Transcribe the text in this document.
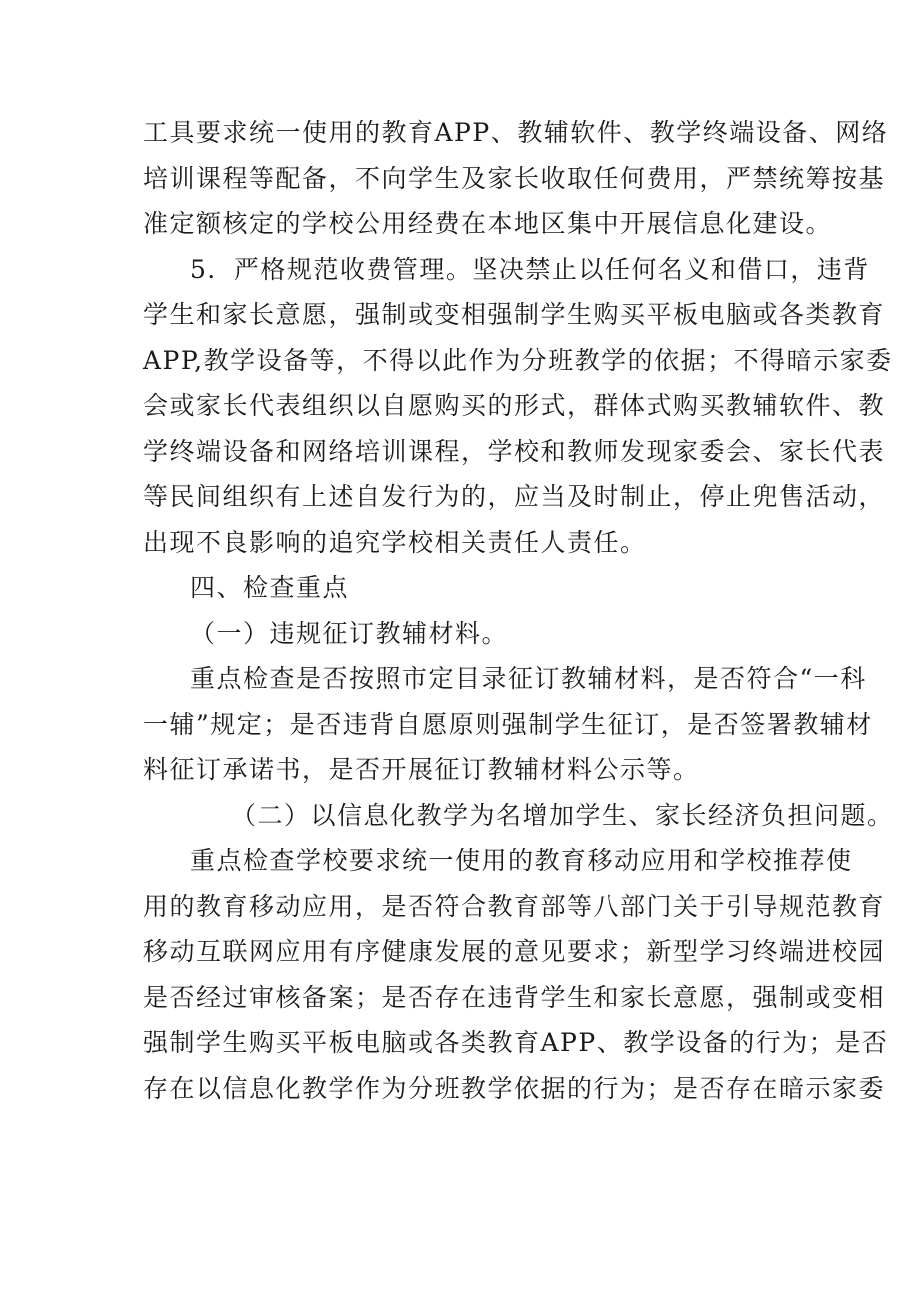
工具要求统一使用的教育APP、教辅软件、教学终端设备、网络
培训课程等配备，不向学生及家长收取任何费用，严禁统筹按基
准定额核定的学校公用经费在本地区集中开展信息化建设。
5．严格规范收费管理。坚决禁止以任何名义和借口，违背
学生和家长意愿，强制或变相强制学生购买平板电脑或各类教育
APP,教学设备等，不得以此作为分班教学的依据；不得暗示家委
会或家长代表组织以自愿购买的形式，群体式购买教辅软件、教
学终端设备和网络培训课程，学校和教师发现家委会、家长代表
等民间组织有上述自发行为的，应当及时制止，停止兜售活动，
出现不良影响的追究学校相关责任人责任。
四、检查重点
（一）违规征订教辅材料。
重点检查是否按照市定目录征订教辅材料，是否符合“一科
一辅”规定；是否违背自愿原则强制学生征订，是否签署教辅材
料征订承诺书，是否开展征订教辅材料公示等。
（二）以信息化教学为名增加学生、家长经济负担问题。
重点检查学校要求统一使用的教育移动应用和学校推荐使
用的教育移动应用，是否符合教育部等八部门关于引导规范教育
移动互联网应用有序健康发展的意见要求；新型学习终端进校园
是否经过审核备案；是否存在违背学生和家长意愿，强制或变相
强制学生购买平板电脑或各类教育APP、教学设备的行为；是否
存在以信息化教学作为分班教学依据的行为；是否存在暗示家委
